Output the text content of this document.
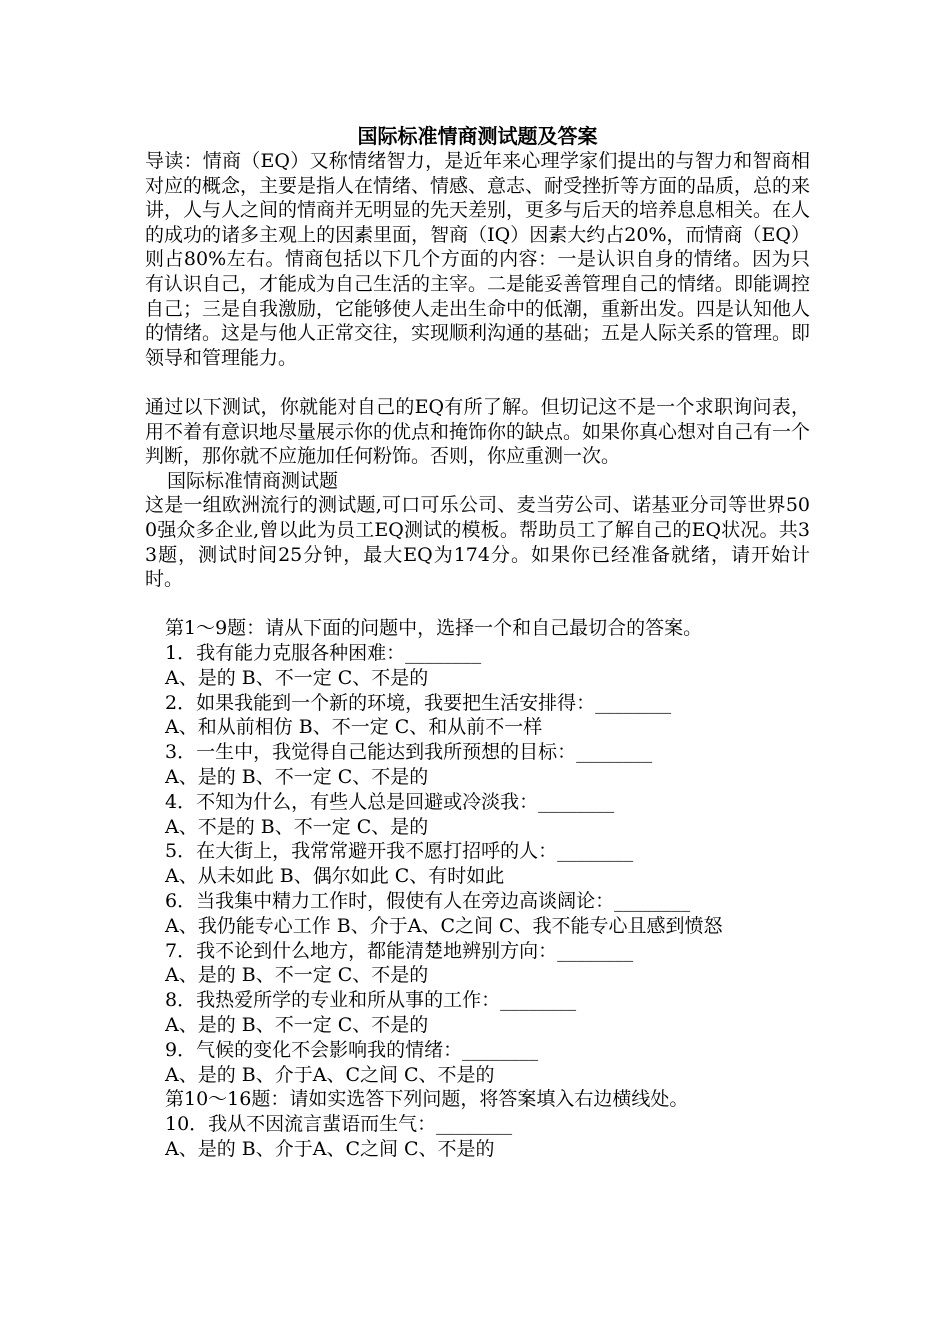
国际标准情商测试题及答案

导读：情商（EQ）又称情绪智力，是近年来心理学家们提出的与智力和智商相对应的概念，主要是指人在情绪、情感、意志、耐受挫折等方面的品质，总的来讲，人与人之间的情商并无明显的先天差别，更多与后天的培养息息相关。在人的成功的诸多主观上的因素里面，智商（IQ）因素大约占20%，而情商（EQ）则占80%左右。情商包括以下几个方面的内容：一是认识自身的情绪。因为只有认识自己，才能成为自己生活的主宰。二是能妥善管理自己的情绪。即能调控自己；三是自我激励，它能够使人走出生命中的低潮，重新出发。四是认知他人的情绪。这是与他人正常交往，实现顺利沟通的基础；五是人际关系的管理。即领导和管理能力。

通过以下测试，你就能对自己的EQ有所了解。但切记这不是一个求职询问表，用不着有意识地尽量展示你的优点和掩饰你的缺点。如果你真心想对自己有一个判断，那你就不应施加任何粉饰。否则，你应重测一次。

国际标准情商测试题

这是一组欧洲流行的测试题,可口可乐公司、麦当劳公司、诺基亚分司等世界500强众多企业,曾以此为员工EQ测试的模板。帮助员工了解自己的EQ状况。共33题，测试时间25分钟，最大EQ为174分。如果你已经准备就绪，请开始计时。

第1～9题：请从下面的问题中，选择一个和自己最切合的答案。

1．我有能力克服各种困难：________

A、是的 B、不一定 C、不是的

2．如果我能到一个新的环境，我要把生活安排得：________

A、和从前相仿 B、不一定 C、和从前不一样

3．一生中，我觉得自己能达到我所预想的目标：________

A、是的 B、不一定 C、不是的

4．不知为什么，有些人总是回避或冷淡我：________

A、不是的 B、不一定 C、是的

5．在大街上，我常常避开我不愿打招呼的人：________

A、从未如此 B、偶尔如此 C、有时如此

6．当我集中精力工作时，假使有人在旁边高谈阔论：________

A、我仍能专心工作 B、介于A、C之间 C、我不能专心且感到愤怒

7．我不论到什么地方，都能清楚地辨别方向：________

A、是的 B、不一定 C、不是的

8．我热爱所学的专业和所从事的工作：________

A、是的 B、不一定 C、不是的

9．气候的变化不会影响我的情绪：________

A、是的 B、介于A、C之间 C、不是的

第10～16题：请如实选答下列问题，将答案填入右边横线处。

10．我从不因流言蜚语而生气：________

A、是的 B、介于A、C之间 C、不是的
